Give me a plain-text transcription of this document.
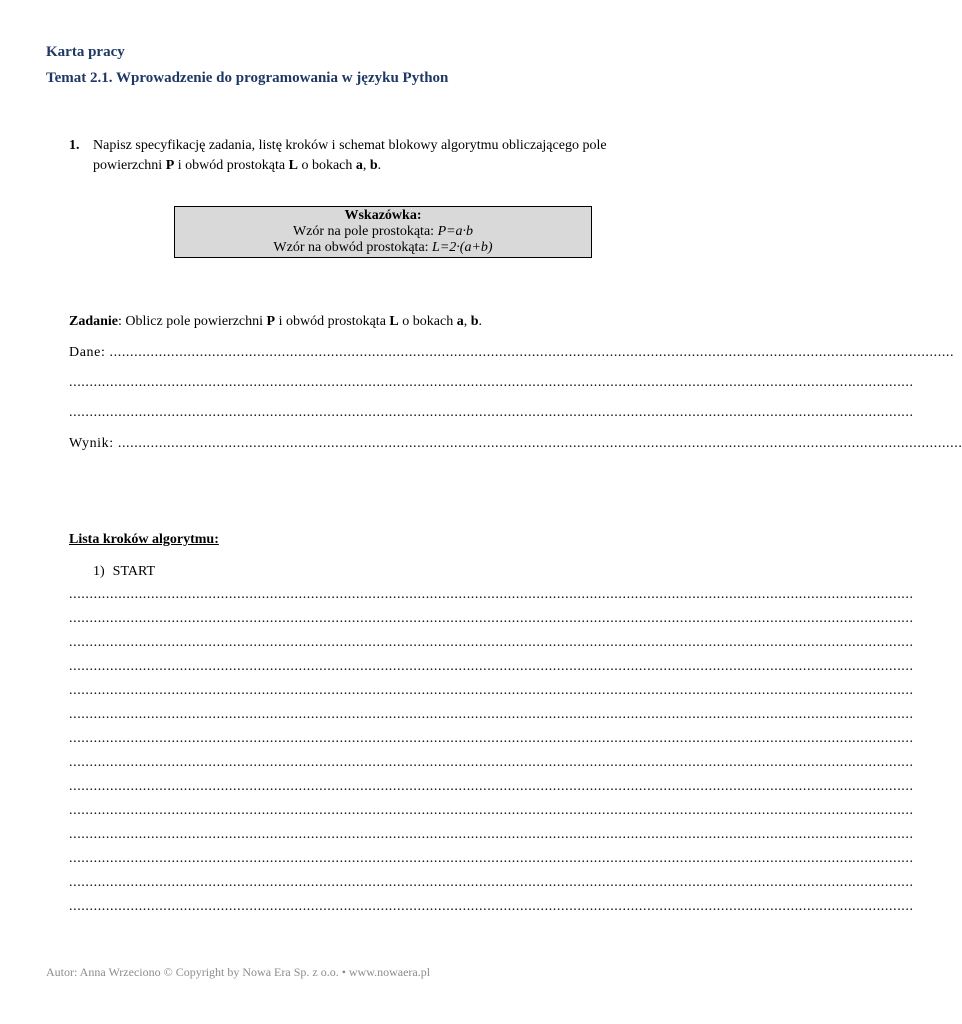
Karta pracy
Temat 2.1. Wprowadzenie do programowania w języku Python
1. Napisz specyfikację zadania, listę kroków i schemat blokowy algorytmu obliczającego pole
powierzchni P i obwód prostokąta L o bokach a, b.
Wskazówka:
Wzór na pole prostokąta: P=a·b
Wzór na obwód prostokąta: L=2·(a+b)
Zadanie: Oblicz pole powierzchni P i obwód prostokąta L o bokach a, b.
Dane: ..............................................................................................................................................................................................................
..............................................................................................................................................................................................................
..............................................................................................................................................................................................................
Wynik: ..............................................................................................................................................................................................................
Lista kroków algorytmu:
1) START
..............................................................................................................................................................................................................
..............................................................................................................................................................................................................
..............................................................................................................................................................................................................
..............................................................................................................................................................................................................
..............................................................................................................................................................................................................
..............................................................................................................................................................................................................
..............................................................................................................................................................................................................
..............................................................................................................................................................................................................
..............................................................................................................................................................................................................
..............................................................................................................................................................................................................
..............................................................................................................................................................................................................
..............................................................................................................................................................................................................
..............................................................................................................................................................................................................
..............................................................................................................................................................................................................
Autor: Anna Wrzeciono © Copyright by Nowa Era Sp. z o.o. • www.nowaera.pl
